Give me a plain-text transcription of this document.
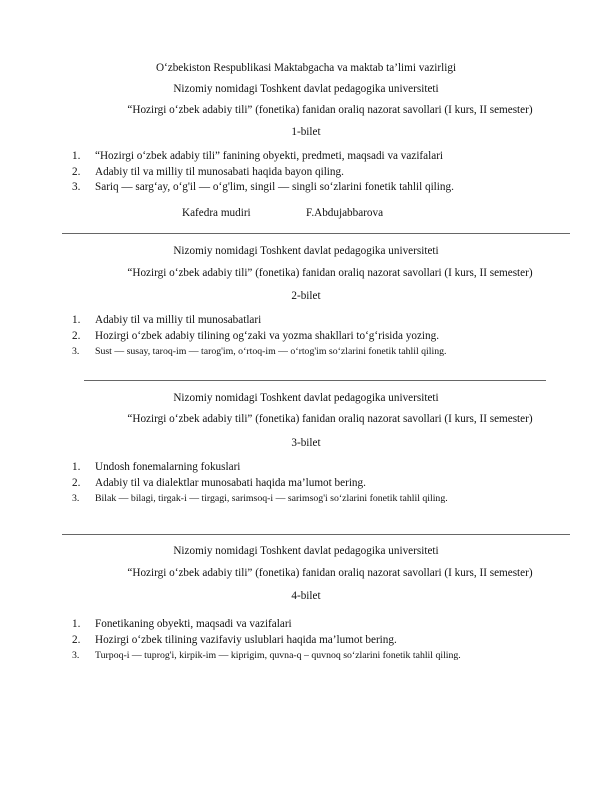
O‘zbekiston Respublikasi Maktabgacha va maktab ta’limi vazirligi
Nizomiy nomidagi Toshkent davlat pedagogika universiteti
“Hozirgi o‘zbek adabiy tili” (fonetika) fanidan oraliq nazorat savollari (I kurs, II semester)
1-bilet
1. “Hozirgi o‘zbek adabiy tili” fanining obyekti, predmeti, maqsadi va vazifalari
2. Adabiy til va milliy til munosabati haqida bayon qiling.
3. Sariq — sarg‘ay, o‘g'il — o‘g'lim, singil — singli so‘zlarini fonetik tahlil qiling.
Kafedra mudiri	F.Abdujabbarova
Nizomiy nomidagi Toshkent davlat pedagogika universiteti
“Hozirgi o‘zbek adabiy tili” (fonetika) fanidan oraliq nazorat savollari (I kurs, II semester)
2-bilet
1. Adabiy til va milliy til munosabatlari
2. Hozirgi o‘zbek adabiy tilining og‘zaki va yozma shakllari to‘g‘risida yozing.
3. Sust — susay, taroq-im — tarog'im, o‘rtoq-im — o‘rtog'im so‘zlarini fonetik tahlil qiling.
Nizomiy nomidagi Toshkent davlat pedagogika universiteti
“Hozirgi o‘zbek adabiy tili” (fonetika) fanidan oraliq nazorat savollari (I kurs, II semester)
3-bilet
1. Undosh fonemalarning fokuslari
2. Adabiy til va dialektlar munosabati haqida ma’lumot bering.
3. Bilak — bilagi, tirgak-i — tirgagi, sarimsoq-i — sarimsog'i so‘zlarini fonetik tahlil qiling.
Nizomiy nomidagi Toshkent davlat pedagogika universiteti
“Hozirgi o‘zbek adabiy tili” (fonetika) fanidan oraliq nazorat savollari (I kurs, II semester)
4-bilet
1. Fonetikaning obyekti, maqsadi va vazifalari
2. Hozirgi o‘zbek tilining vazifaviy uslublari haqida ma’lumot bering.
3. Turpoq-i — tuprog'i, kirpik-im — kiprigim, quvna-q – quvnoq so‘zlarini fonetik tahlil qiling.
